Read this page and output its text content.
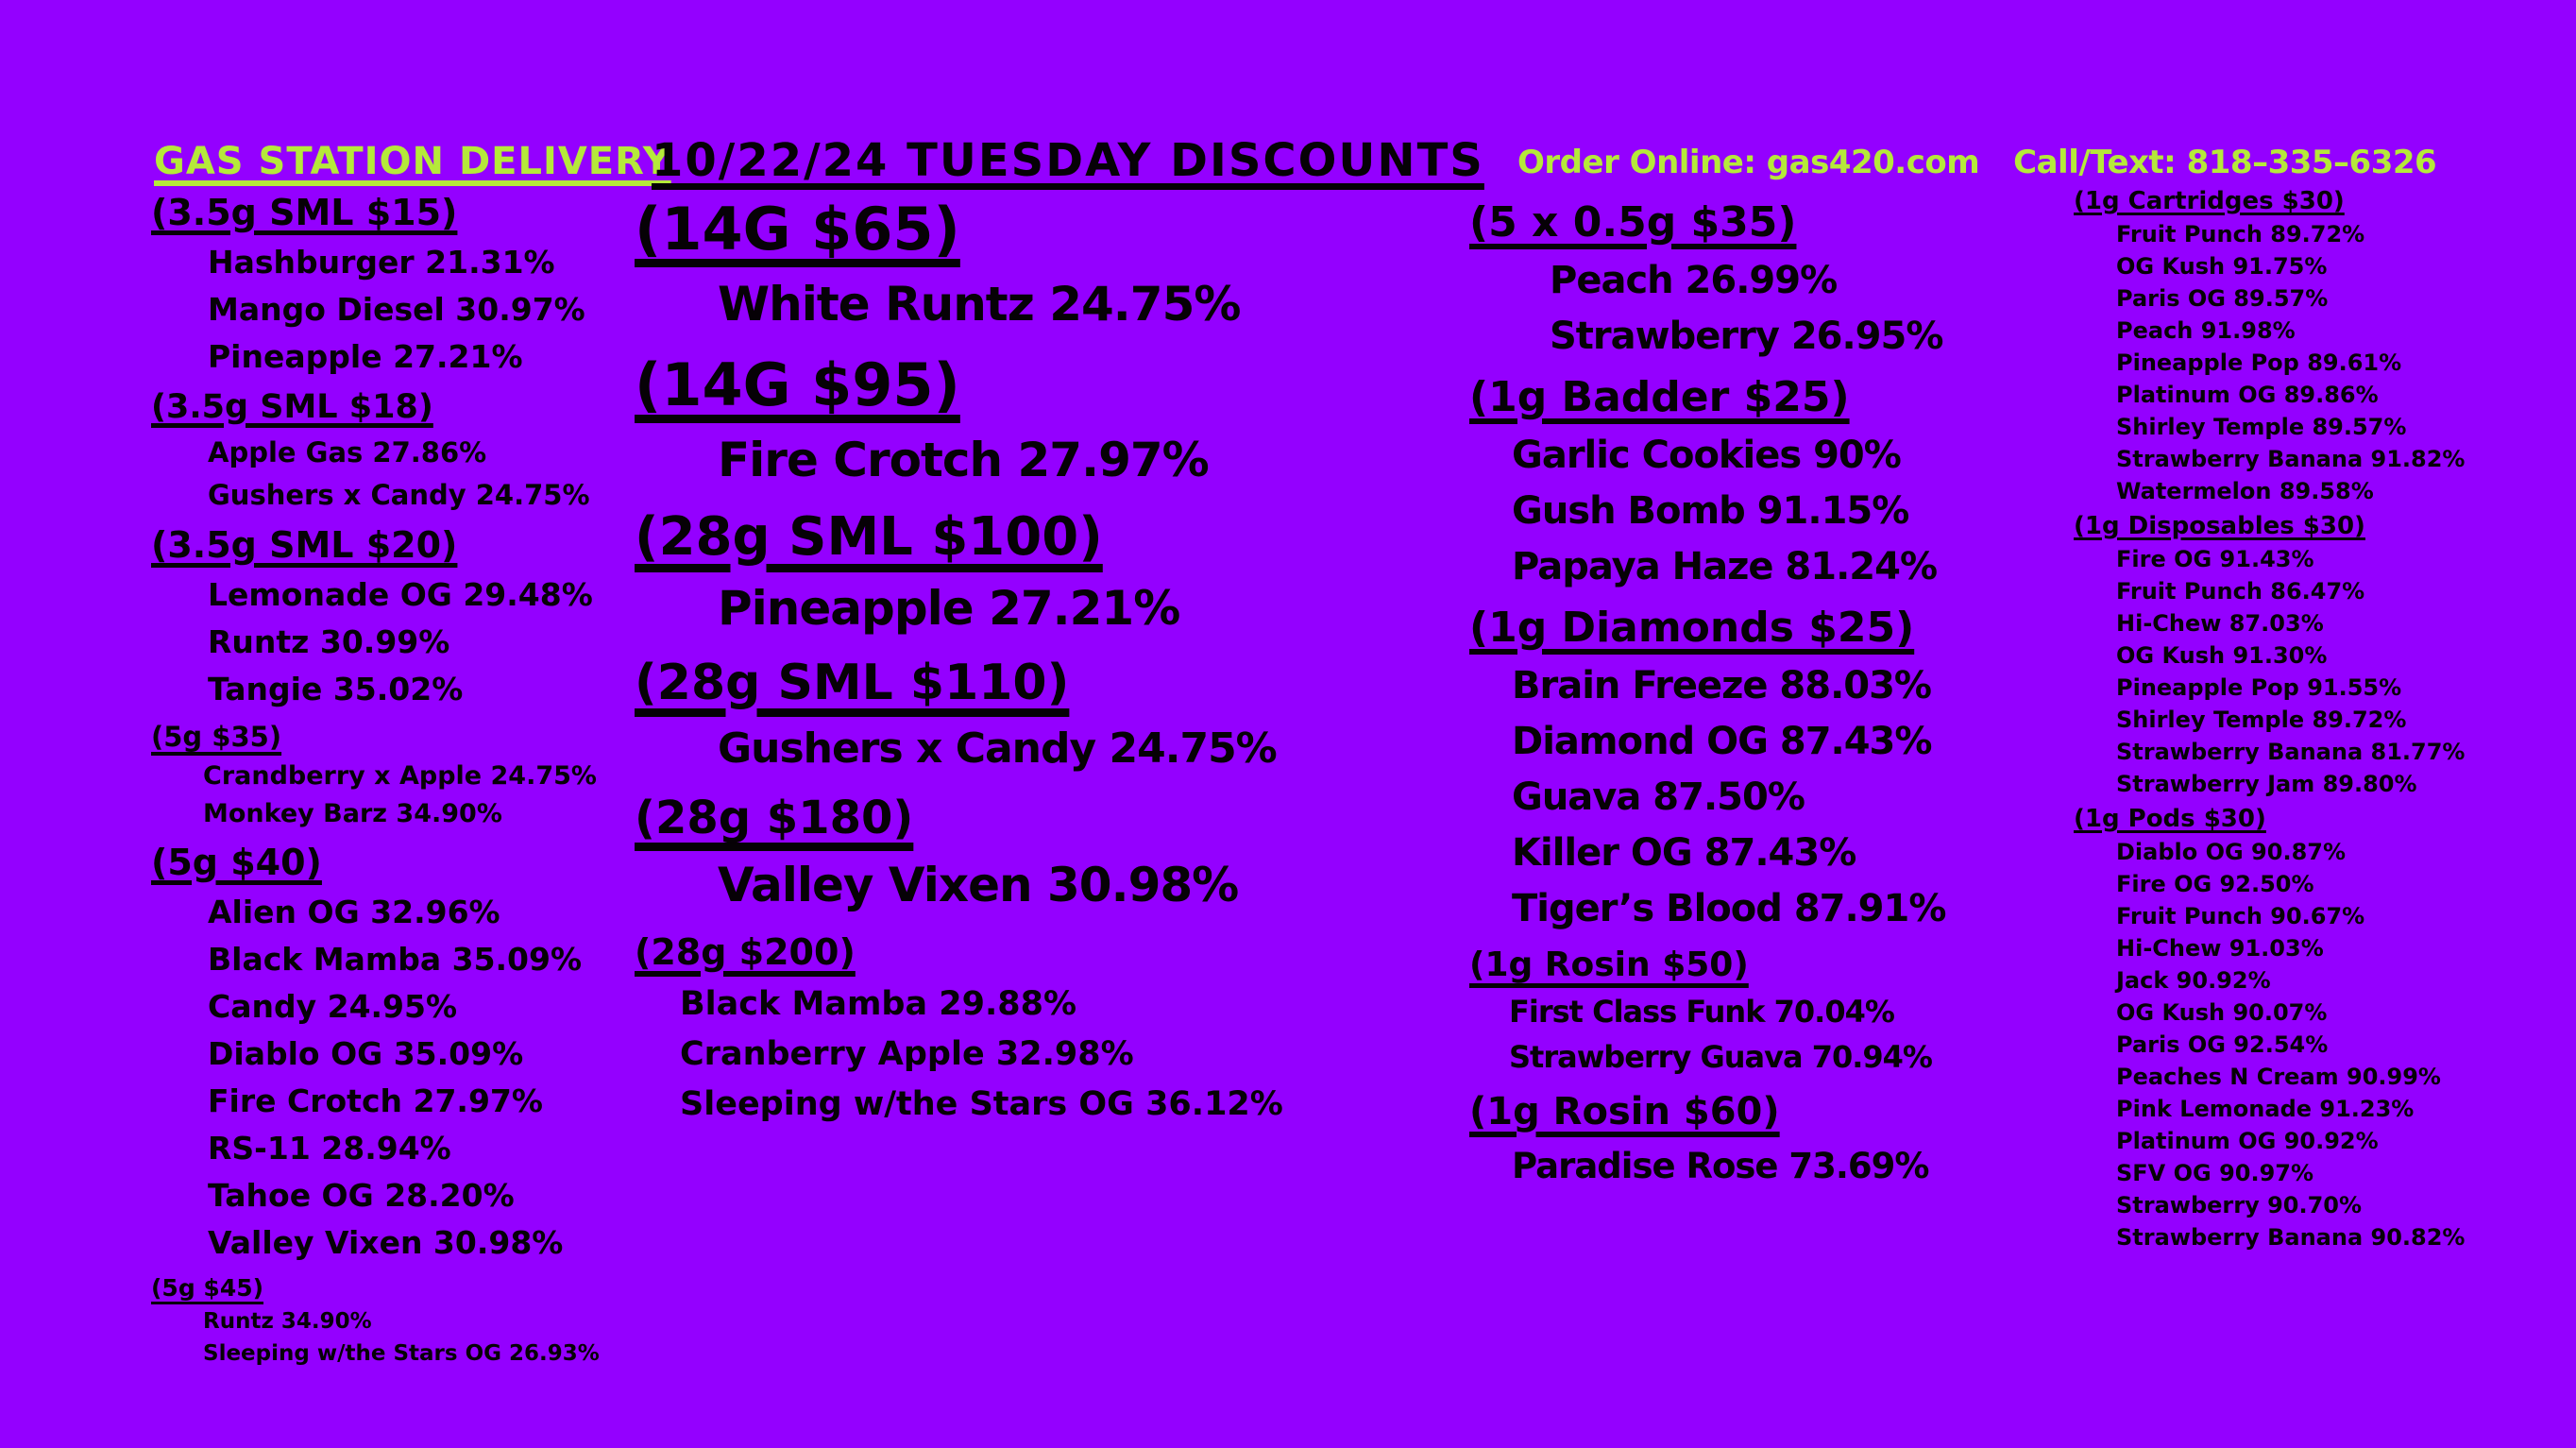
GAS STATION DELIVERY
10/22/24 TUESDAY DISCOUNTS Order Online: gas420.com Call/Text: 818–335–6326
(3.5g SML $15)
Hashburger 21.31%
Mango Diesel 30.97%
Pineapple 27.21%
(3.5g SML $18)
Apple Gas 27.86%
Gushers x Candy 24.75%
(3.5g SML $20)
Lemonade OG 29.48%
Runtz 30.99%
Tangie 35.02%
(5g $35)
Crandberry x Apple 24.75%
Monkey Barz 34.90%
(5g $40)
Alien OG 32.96%
Black Mamba 35.09%
Candy 24.95%
Diablo OG 35.09%
Fire Crotch 27.97%
RS-11 28.94%
Tahoe OG 28.20%
Valley Vixen 30.98%
(5g $45)
Runtz 34.90%
Sleeping w/the Stars OG 26.93%
(14G $65)
White Runtz 24.75%
(14G $95)
Fire Crotch 27.97%
(28g SML $100)
Pineapple 27.21%
(28g SML $110)
Gushers x Candy 24.75%
(28g $180)
Valley Vixen 30.98%
(28g $200)
Black Mamba 29.88%
Cranberry Apple 32.98%
Sleeping w/the Stars OG 36.12%
(5 x 0.5g $35)
Peach 26.99%
Strawberry 26.95%
(1g Badder $25)
Garlic Cookies 90%
Gush Bomb 91.15%
Papaya Haze 81.24%
(1g Diamonds $25)
Brain Freeze 88.03%
Diamond OG 87.43%
Guava 87.50%
Killer OG 87.43%
Tiger’s Blood 87.91%
(1g Rosin $50)
First Class Funk 70.04%
Strawberry Guava 70.94%
(1g Rosin $60)
Paradise Rose 73.69%
(1g Cartridges $30)
Fruit Punch 89.72%
OG Kush 91.75%
Paris OG 89.57%
Peach 91.98%
Pineapple Pop 89.61%
Platinum OG 89.86%
Shirley Temple 89.57%
Strawberry Banana 91.82%
Watermelon 89.58%
(1g Disposables $30)
Fire OG 91.43%
Fruit Punch 86.47%
Hi-Chew 87.03%
OG Kush 91.30%
Pineapple Pop 91.55%
Shirley Temple 89.72%
Strawberry Banana 81.77%
Strawberry Jam 89.80%
(1g Pods $30)
Diablo OG 90.87%
Fire OG 92.50%
Fruit Punch 90.67%
Hi-Chew 91.03%
Jack 90.92%
OG Kush 90.07%
Paris OG 92.54%
Peaches N Cream 90.99%
Pink Lemonade 91.23%
Platinum OG 90.92%
SFV OG 90.97%
Strawberry 90.70%
Strawberry Banana 90.82%
